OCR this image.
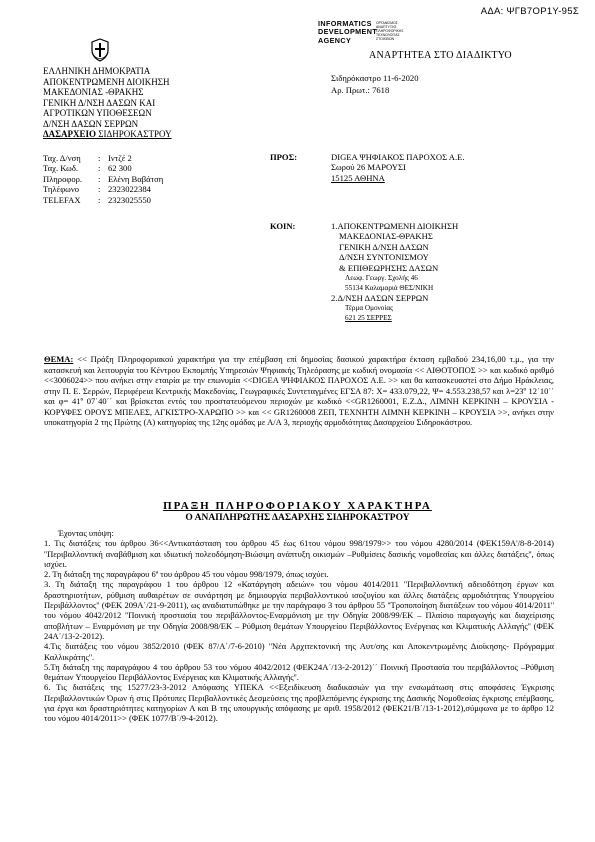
ΑΔΑ: ΨΓΒ7ΟΡ1Υ-95Σ
INFORMATICS
DEVELOPMENT
AGENCY
ΟΡΓΑΝΙΣΜΟΣ
ΑΝΑΠΤΥΞΗΣ
ΠΛΗΡΟΦΟΡΙΚΗΣ
ΤΕΧΝΟΛΟΓΙΑΣ
ΣΤΟΙΧΕΙΩΝ
ΑΝΑΡΤΗΤΕΑ ΣΤΟ ΔΙΑΔΙΚΤΥΟ
ΕΛΛΗΝΙΚΗ ΔΗΜΟΚΡΑΤΙΑ
ΑΠΟΚΕΝΤΡΩΜΕΝΗ ΔΙΟΙΚΗΣΗ
ΜΑΚΕΔΟΝΙΑΣ -ΘΡΑΚΗΣ
ΓΕΝΙΚΗ Δ/ΝΣΗ ΔΑΣΩΝ ΚΑΙ
ΑΓΡΟΤΙΚΩΝ ΥΠΟΘΕΣΕΩΝ
Δ/ΝΣΗ ΔΑΣΩΝ ΣΕΡΡΩΝ
ΔΑΣΑΡΧΕΙΟ ΣΙΔΗΡΟΚΑΣΤΡΟΥ
Ταχ. Δ/νση	: Ιντζέ 2
Ταχ. Κωδ.	: 62 300
Πληροφορ.	: Ελένη Βαβάτση
Τηλέφωνο	: 2323022384
TELEFAX	: 2323025550
Σιδηρόκαστρο 11-6-2020
Αρ. Πρωτ.: 7618
ΠΡΟΣ:	DIGEA ΨΗΦΙΑΚΟΣ ΠΑΡΟΧΟΣ Α.Ε.
Σωρού 26 ΜΑΡΟΥΣΙ
15125 ΑΘΗΝΑ
ΚΟΙΝ:	1.ΑΠΟΚΕΝΤΡΩΜΕΝΗ ΔΙΟΙΚΗΣΗ
ΜΑΚΕΔΟΝΙΑΣ-ΘΡΑΚΗΣ
ΓΕΝΙΚΗ Δ/ΝΣΗ ΔΑΣΩΝ
Δ/ΝΣΗ ΣΥΝΤΟΝΙΣΜΟΥ
& ΕΠΙΘΕΩΡΗΣΗΣ ΔΑΣΩΝ
Λεωφ. Γεωργ. Σχολής 46
55134 Καλαμαριά ΘΕΣ/ΝΙΚΗ
2.Δ/ΝΣΗ ΔΑΣΩΝ ΣΕΡΡΩΝ
Τέρμα Ομονοίας
621 25 ΣΕΡΡΕΣ

ΘΕΜΑ: << Πράξη Πληροφοριακού χαρακτήρα για την επέμβαση επί δημοσίας δασικού χαρακτήρα έκταση εμβαδού 234,16,00 τ.μ., για την κατασκευή και λειτουργία του Κέντρου Εκπομπής Υπηρεσιών Ψηφιακής Τηλεόρασης με κωδική ονομασία << ΑΙΘΟΤΟΠΟΣ >> και κωδικό αριθμό <<3006024>> που ανήκει στην εταιρία με την επωνυμία <<DIGEA ΨΗΦΙΑΚΟΣ ΠΑΡΟΧΟΣ Α.Ε. >> και θα κατασκευαστεί στο Δήμο Ηράκλειας, στην Π. Ε. Σερρών, Περιφέρεια Κεντρικής Μακεδονίας, Γεωγραφικές Συντεταγμένες ΕΓΣΑ 87: Χ= 433.079,22, Ψ= 4.553.238,57 και λ=23º 12΄10΄΄ και φ= 41º 07΄40΄΄ και βρίσκεται εντός του προστατευόμενου περιοχών με κωδικό <<GR1260001, Ε.Ζ.Δ., ΛΙΜΝΗ ΚΕΡΚΙΝΗ – ΚΡΟΥΣΙΑ - ΚΟΡΥΦΕΣ ΟΡΟΥΣ ΜΠΕΛΕΣ, ΑΓΚΙΣΤΡΟ-ΧΑΡΩΠΟ >> και << GR1260008 ΖΕΠ, ΤΕΧΝΗΤΗ ΛΙΜΝΗ ΚΕΡΚΙΝΗ – ΚΡΟΥΣΙΑ >>, ανήκει στην υποκατηγορία 2 της Πρώτης (Α) κατηγορίας της 12ης ομάδας με Α/Α 3, περιοχής αρμοδιότητας Δασαρχείου Σιδηροκάστρου.

ΠΡΑΞΗ ΠΛΗΡΟΦΟΡΙΑΚΟΥ ΧΑΡΑΚΤΗΡΑ
Ο ΑΝΑΠΛΗΡΩΤΗΣ ΔΑΣΑΡΧΗΣ ΣΙΔΗΡΟΚΑΣΤΡΟΥ

Έχοντας υπόψη:

1. Τις διατάξεις του άρθρου 36<<Αντικατάσταση του άρθρου 45 έως 61του νόμου 998/1979>> του νόμου 4280/2014 (ΦΕΚ159Α'/8-8-2014) ''Περιβαλλοντική αναβάθμιση και ιδιωτική πολεοδόμηση-Βιώσιμη ανάπτυξη οικισμών –Ρυθμίσεις δασικής νομοθεσίας και άλλες διατάξεις'', όπως ισχύει.

2. Τη διάταξη της παραγράφου 6ª του άρθρου 45 του νόμου 998/1979, όπως ισχύει.

3. Τη διάταξη της παραγράφου 1 του άρθρου 12 «Κατάργηση αδειών» του νόμου 4014/2011 ''Περιβαλλοντική αδειοδότηση έργων και δραστηριοτήτων, ρύθμιση αυθαιρέτων σε συνάρτηση με δημιουργία περιβαλλοντικού ισοζυγίου και άλλες διατάξεις αρμοδιότητας Υπουργείου Περιβάλλοντος'' (ΦΕΚ 209Α΄/21-9-2011), ως αναδιατυπώθηκε με την παράγραφο 3 του άρθρου 55 ''Τροποποίηση διατάξεων του νόμου 4014/2011'' του νόμου 4042/2012 ''Ποινική προστασία του περιβάλλοντος-Εναρμόνιση με την Οδηγία 2008/99/ΕΚ – Πλαίσιο παραγωγής και διαχείρισης αποβλήτων – Εναρμόνιση με την Οδηγία 2008/98/ΕΚ – Ρύθμιση θεμάτων Υπουργείου Περιβάλλοντος Ενέργειας και Κλιματικής Αλλαγής'' (ΦΕΚ 24Α΄/13-2-2012).

4.Τις διατάξεις του νόμου 3852/2010 (ΦΕΚ 87/Α΄/7-6-2010) ''Νέα Αρχιτεκτονική της Αυτ/σης και Αποκεντρωμένης Διοίκησης- Πρόγραμμα Καλλικράτης''.

5.Τη διάταξη της παραγράφου 4 του άρθρου 53 του νόμου 4042/2012 (ΦΕΚ24Α΄/13-2-2012)΄΄ Ποινική Προστασία του περιβάλλοντος –Ρύθμιση θεμάτων Υπουργείου Περιβάλλοντος Ενέργειας και Κλιματικής Αλλαγής''.

6. Τις διατάξεις της 15277/23-3-2012 Απόφασης ΥΠΕΚΑ <<Εξειδίκευση διαδικασιών για την ενσωμάτωση στις αποφάσεις Έγκρισης Περιβαλλοντικών Όρων ή στις Πρότυπες Περιβαλλοντικές Δεσμεύσεις της προβλεπόμενης έγκρισης της Δασικής Νομοθεσίας έγκρισης επέμβασης, για έργα και δραστηριότητες κατηγορίων Α και Β της υπουργικής απόφασης με αριθ. 1958/2012 (ΦΕΚ21/Β΄/13-1-2012),σύμφωνα με το άρθρο 12 του νόμου 4014/2011>> (ΦΕΚ 1077/Β΄/9-4-2012).
